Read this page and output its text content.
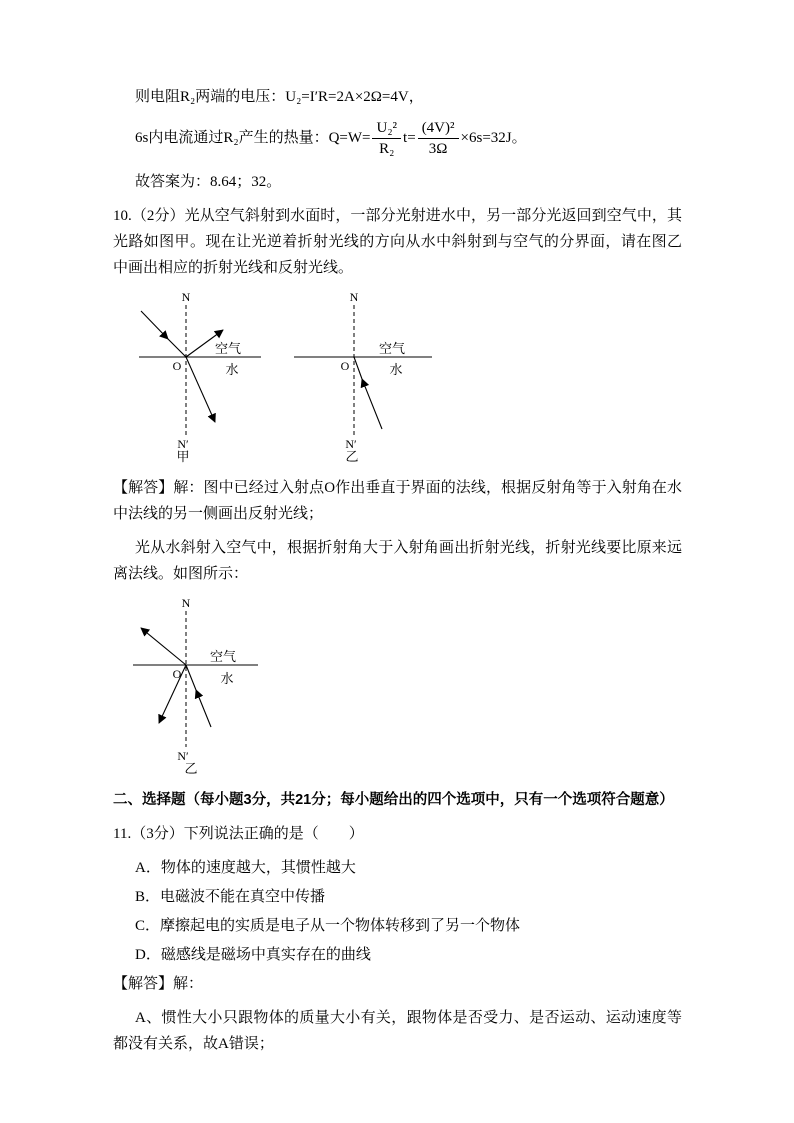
则电阻R₂两端的电压：U₂=I′R=2A×2Ω=4V，

6s内电流通过R₂产生的热量：$Q=W= \frac{\text{U₂²}}{\text{R₂}} t= \frac{\text{(4V)²}}{3\Omega} \times 6s=32J$。

故答案为：8.64；32。

10.（2分）光从空气斜射到水面时，一部分光射进水中，另一部分光返回到空气中，其光路如图甲。现在让光逆着折射光线的方向从水中斜射到与空气的分界面，请在图乙中画出相应的折射光线和反射光线。

N
N′
O
空气
水
甲
N
N′
O
空气
水
乙

【解答】解：图中已经过入射点O作出垂直于界面的法线，根据反射角等于入射角在水中法线的另一侧画出反射光线；

光从水斜射入空气中，根据折射角大于入射角画出折射光线，折射光线要比原来远离法线。如图所示：

N
N′
O
空气
水
乙

二、选择题（每小题3分，共21分；每小题给出的四个选项中，只有一个选项符合题意）

11.（3分）下列说法正确的是（　　）

A．物体的速度越大，其惯性越大

B．电磁波不能在真空中传播

C．摩擦起电的实质是电子从一个物体转移到了另一个物体

D．磁感线是磁场中真实存在的曲线

【解答】解：

A、惯性大小只跟物体的质量大小有关，跟物体是否受力、是否运动、运动速度等都没有关系，故A错误；
